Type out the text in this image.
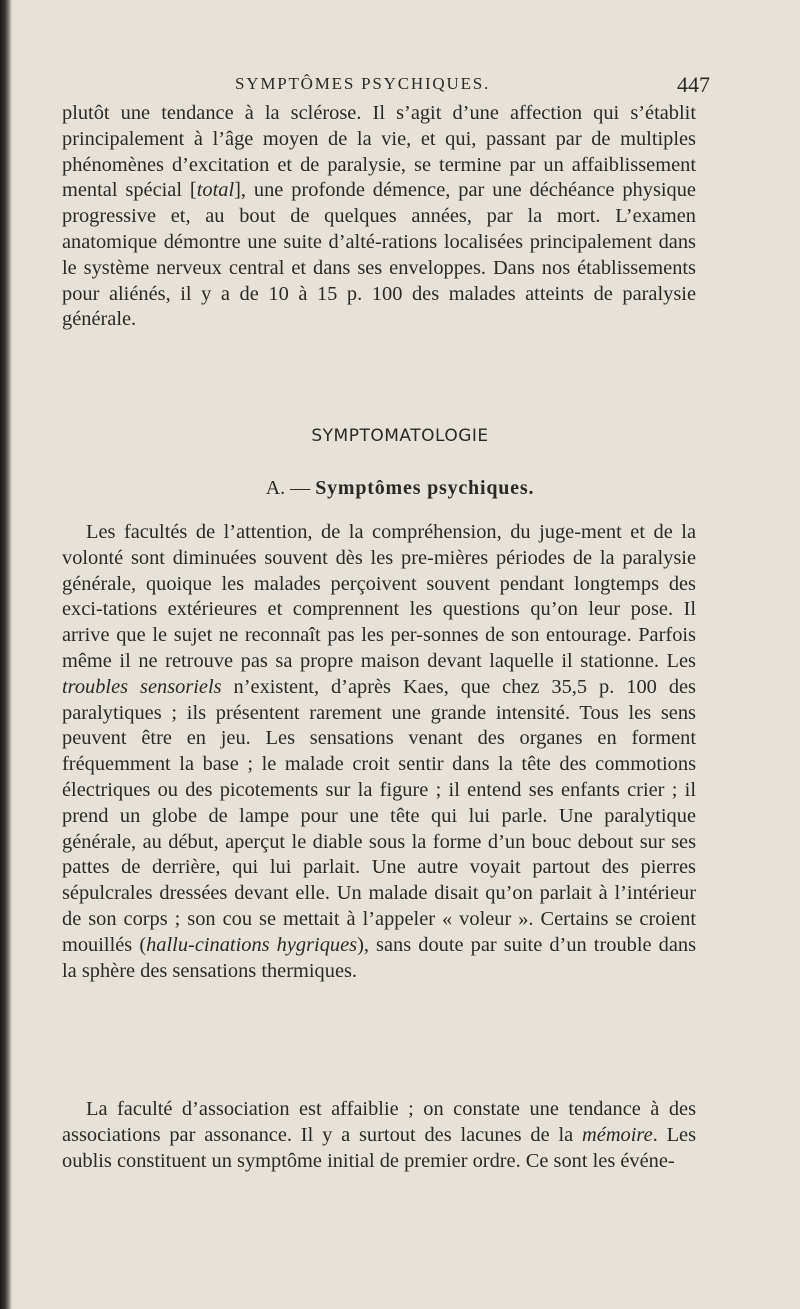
SYMPTÔMES PSYCHIQUES.	447
plutôt une tendance à la sclérose. Il s’agit d’une affection qui s’établit principalement à l’âge moyen de la vie, et qui, passant par de multiples phénomènes d’excitation et de paralysie, se termine par un affaiblissement mental spécial [total], une profonde démence, par une déchéance physique progressive et, au bout de quelques années, par la mort. L’examen anatomique démontre une suite d’alté-rations localisées principalement dans le système nerveux central et dans ses enveloppes. Dans nos établissements pour aliénés, il y a de 10 à 15 p. 100 des malades atteints de paralysie générale.
SYMPTOMATOLOGIE
A. — Symptômes psychiques.
Les facultés de l’attention, de la compréhension, du juge-ment et de la volonté sont diminuées souvent dès les pre-mières périodes de la paralysie générale, quoique les malades perçoivent souvent pendant longtemps des exci-tations extérieures et comprennent les questions qu’on leur pose. Il arrive que le sujet ne reconnaît pas les per-sonnes de son entourage. Parfois même il ne retrouve pas sa propre maison devant laquelle il stationne. Les troubles sensoriels n’existent, d’après Kaes, que chez 35,5 p. 100 des paralytiques ; ils présentent rarement une grande intensité. Tous les sens peuvent être en jeu. Les sensations venant des organes en forment fréquemment la base ; le malade croit sentir dans la tête des commotions électriques ou des picotements sur la figure ; il entend ses enfants crier ; il prend un globe de lampe pour une tête qui lui parle. Une paralytique générale, au début, aperçut le diable sous la forme d’un bouc debout sur ses pattes de derrière, qui lui parlait. Une autre voyait partout des pierres sépulcrales dressées devant elle. Un malade disait qu’on parlait à l’intérieur de son corps ; son cou se mettait à l’appeler « voleur ». Certains se croient mouillés (hallu-cinations hygriques), sans doute par suite d’un trouble dans la sphère des sensations thermiques.
La faculté d’association est affaiblie ; on constate une tendance à des associations par assonance. Il y a surtout des lacunes de la mémoire. Les oublis constituent un symptôme initial de premier ordre. Ce sont les événe-
